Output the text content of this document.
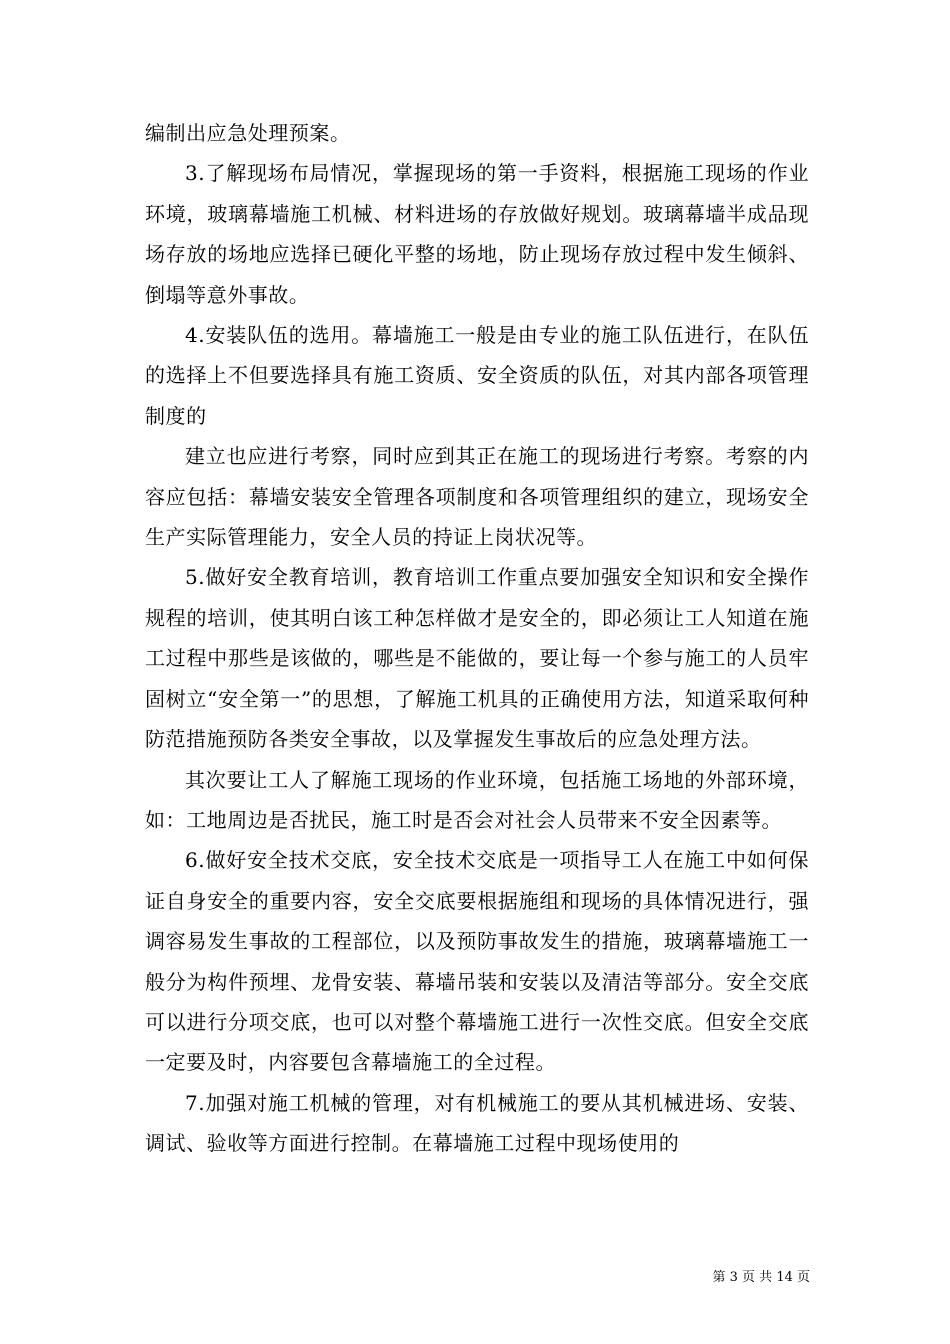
编制出应急处理预案。

3.了解现场布局情况，掌握现场的第一手资料，根据施工现场的作业环境，玻璃幕墙施工机械、材料进场的存放做好规划。玻璃幕墙半成品现场存放的场地应选择已硬化平整的场地，防止现场存放过程中发生倾斜、倒塌等意外事故。

4.安装队伍的选用。幕墙施工一般是由专业的施工队伍进行，在队伍的选择上不但要选择具有施工资质、安全资质的队伍，对其内部各项管理制度的

建立也应进行考察，同时应到其正在施工的现场进行考察。考察的内容应包括：幕墙安装安全管理各项制度和各项管理组织的建立，现场安全生产实际管理能力，安全人员的持证上岗状况等。

5.做好安全教育培训，教育培训工作重点要加强安全知识和安全操作规程的培训，使其明白该工种怎样做才是安全的，即必须让工人知道在施工过程中那些是该做的，哪些是不能做的，要让每一个参与施工的人员牢固树立“安全第一”的思想，了解施工机具的正确使用方法，知道采取何种防范措施预防各类安全事故，以及掌握发生事故后的应急处理方法。

其次要让工人了解施工现场的作业环境，包括施工场地的外部环境，如：工地周边是否扰民，施工时是否会对社会人员带来不安全因素等。

6.做好安全技术交底，安全技术交底是一项指导工人在施工中如何保证自身安全的重要内容，安全交底要根据施组和现场的具体情况进行，强调容易发生事故的工程部位，以及预防事故发生的措施，玻璃幕墙施工一般分为构件预埋、龙骨安装、幕墙吊装和安装以及清洁等部分。安全交底可以进行分项交底，也可以对整个幕墙施工进行一次性交底。但安全交底一定要及时，内容要包含幕墙施工的全过程。

7.加强对施工机械的管理，对有机械施工的要从其机械进场、安装、调试、验收等方面进行控制。在幕墙施工过程中现场使用的

第 3 页 共 14 页
